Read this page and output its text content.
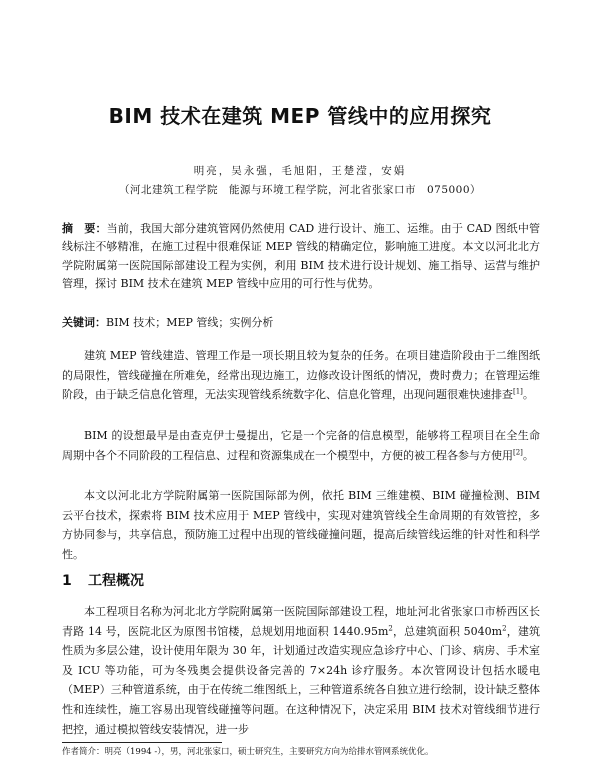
BIM 技术在建筑 MEP 管线中的应用探究
明亮，吴永强，毛旭阳，王楚滢，安娟
（河北建筑工程学院　能源与环境工程学院，河北省张家口市　075000）
摘　要：当前，我国大部分建筑管网仍然使用 CAD 进行设计、施工、运维。由于 CAD 图纸中管线标注不够精准，在施工过程中很难保证 MEP 管线的精确定位，影响施工进度。本文以河北北方学院附属第一医院国际部建设工程为实例，利用 BIM 技术进行设计规划、施工指导、运营与维护管理，探讨 BIM 技术在建筑 MEP 管线中应用的可行性与优势。
关键词：BIM 技术；MEP 管线；实例分析
建筑 MEP 管线建造、管理工作是一项长期且较为复杂的任务。在项目建造阶段由于二维图纸的局限性，管线碰撞在所难免，经常出现边施工，边修改设计图纸的情况，费时费力；在管理运维阶段，由于缺乏信息化管理，无法实现管线系统数字化、信息化管理，出现问题很难快速排查[1]。
BIM 的设想最早是由查克伊士曼提出，它是一个完备的信息模型，能够将工程项目在全生命周期中各个不同阶段的工程信息、过程和资源集成在一个模型中，方便的被工程各参与方使用[2]。
本文以河北北方学院附属第一医院国际部为例，依托 BIM 三维建模、BIM 碰撞检测、BIM 云平台技术，探索将 BIM 技术应用于 MEP 管线中，实现对建筑管线全生命周期的有效管控，多方协同参与，共享信息，预防施工过程中出现的管线碰撞问题，提高后续管线运维的针对性和科学性。
1 工程概况
本工程项目名称为河北北方学院附属第一医院国际部建设工程，地址河北省张家口市桥西区长青路 14 号，医院北区为原图书馆楼，总规划用地面积 $1440.95m^2$，总建筑面积 $5040m^2$，建筑性质为多层公建，设计使用年限为 30 年，计划通过改造实现应急诊疗中心、门诊、病房、手术室及 ICU 等功能，可为冬残奥会提供设备完善的 7×24h 诊疗服务。本次管网设计包括水暖电（MEP）三种管道系统，由于在传统二维图纸上，三种管道系统各自独立进行绘制，设计缺乏整体性和连续性，施工容易出现管线碰撞等问题。在这种情况下，决定采用 BIM 技术对管线细节进行把控，通过模拟管线安装情况，进一步
作者简介：明亮（1994 -），男，河北张家口，硕士研究生，主要研究方向为给排水管网系统优化。
